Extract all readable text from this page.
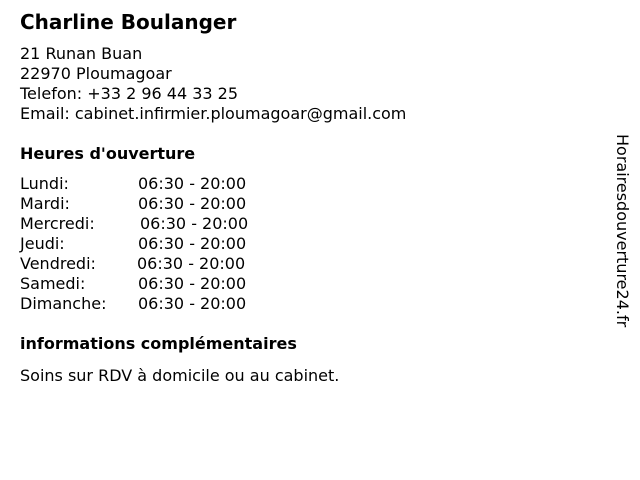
Charline Boulanger
21 Runan Buan
22970 Ploumagoar
Telefon: +33 2 96 44 33 25
Email: cabinet.infirmier.ploumagoar@gmail.com
Heures d'ouverture
Lundi:	06:30 - 20:00
Mardi:	06:30 - 20:00
Mercredi:	06:30 - 20:00
Jeudi:	06:30 - 20:00
Vendredi:	06:30 - 20:00
Samedi:	06:30 - 20:00
Dimanche: 06:30 - 20:00
informations complémentaires
Soins sur RDV à domicile ou au cabinet.
Horairesdouverture24.fr
